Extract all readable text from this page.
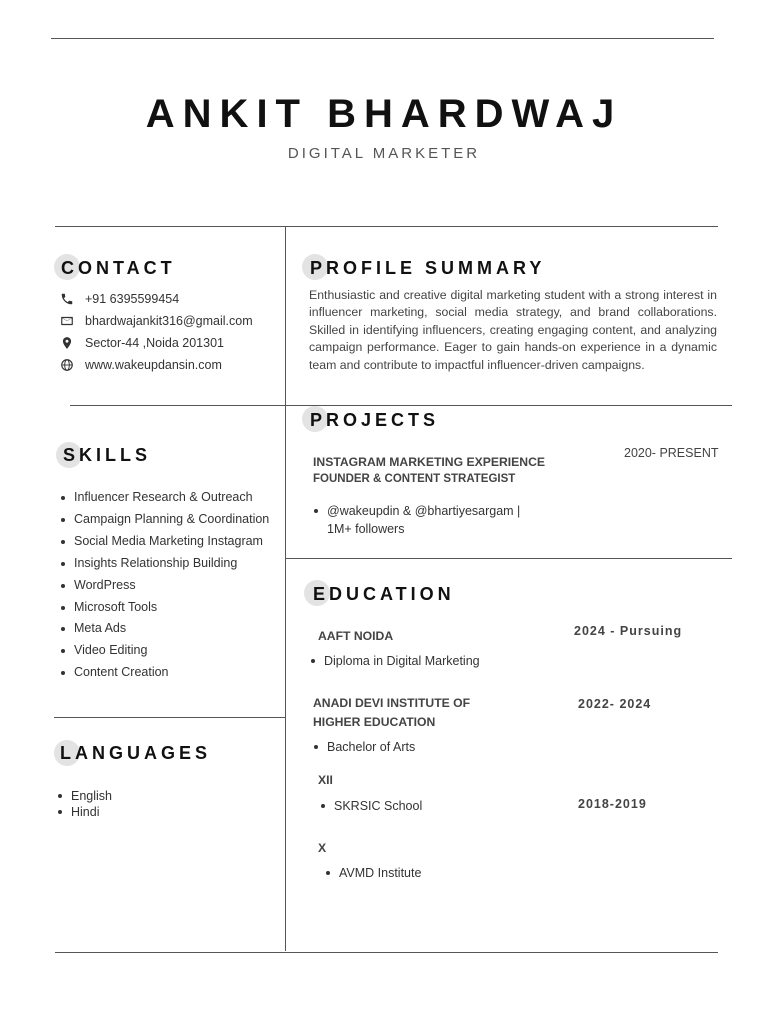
ANKIT BHARDWAJ
DIGITAL MARKETER
CONTACT
+91 6395599454
bhardwajankit316@gmail.com
Sector-44 ,Noida 201301
www.wakeupdansin.com
SKILLS
Influencer Research & Outreach
Campaign Planning & Coordination
Social Media Marketing Instagram
Insights Relationship Building
WordPress
Microsoft Tools
Meta Ads
Video Editing
Content Creation
LANGUAGES
English
Hindi
PROFILE SUMMARY
Enthusiastic and creative digital marketing student with a strong interest in influencer marketing, social media strategy, and brand collaborations. Skilled in identifying influencers, creating engaging content, and analyzing campaign performance. Eager to gain hands-on experience in a dynamic team and contribute to impactful influencer-driven campaigns.
PROJECTS
2020- PRESENT
INSTAGRAM MARKETING EXPERIENCE
FOUNDER & CONTENT STRATEGIST
@wakeupdin & @bhartiyesargam |
1M+ followers
EDUCATION
AAFT NOIDA	2024 - Pursuing
Diploma in Digital Marketing
ANADI DEVI INSTITUTE OF
HIGHER EDUCATION
2022- 2024
Bachelor of Arts
XII
2018-2019
SKRSIC School
X
AVMD Institute
